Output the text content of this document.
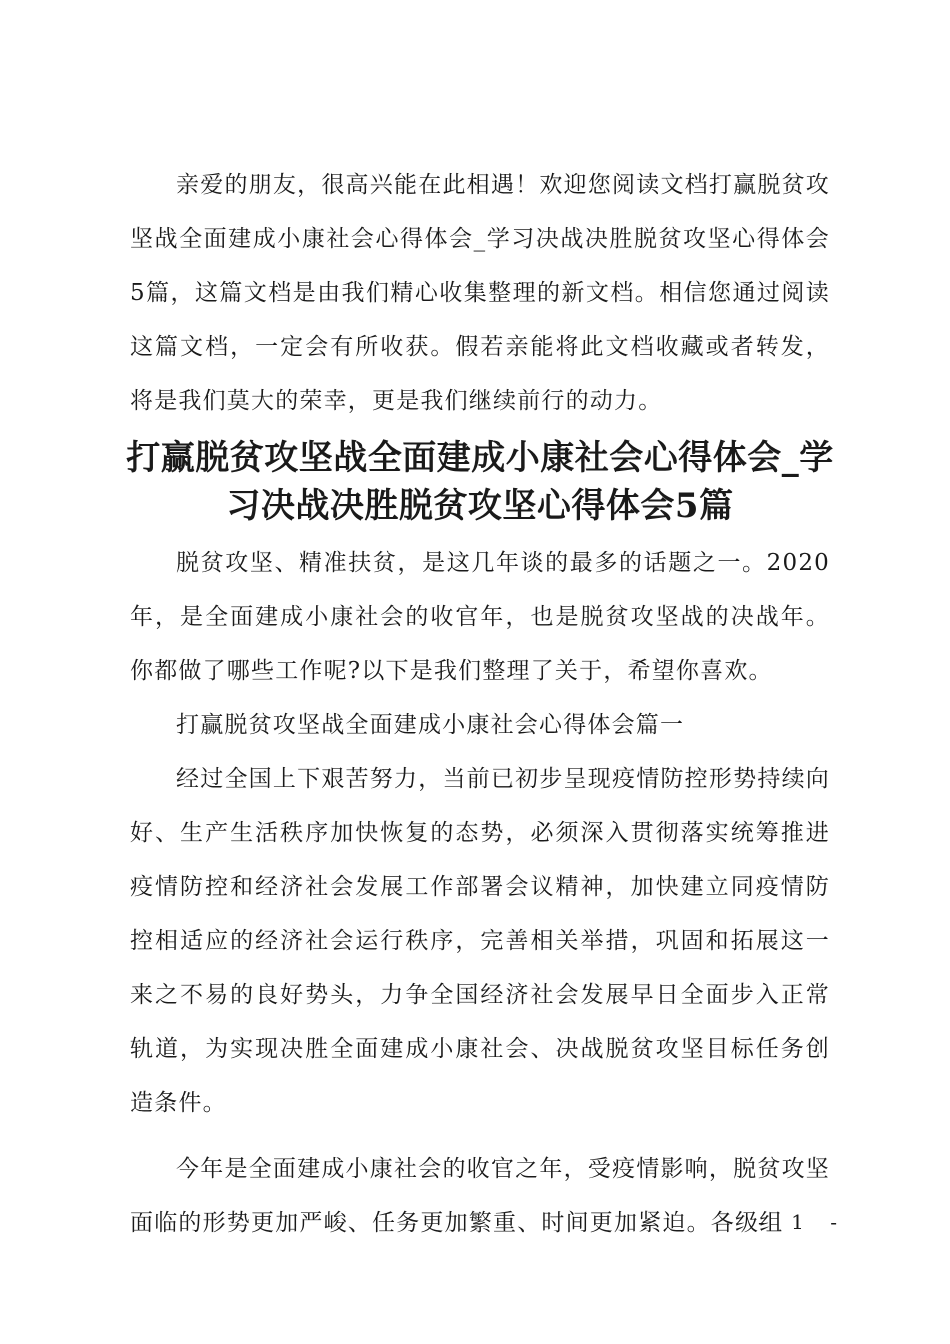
亲爱的朋友，很高兴能在此相遇！欢迎您阅读文档打赢脱贫攻坚战全面建成小康社会心得体会_学习决战决胜脱贫攻坚心得体会5篇，这篇文档是由我们精心收集整理的新文档。相信您通过阅读这篇文档，一定会有所收获。假若亲能将此文档收藏或者转发，将是我们莫大的荣幸，更是我们继续前行的动力。

打赢脱贫攻坚战全面建成小康社会心得体会_学习决战决胜脱贫攻坚心得体会5篇

脱贫攻坚、精准扶贫，是这几年谈的最多的话题之一。2020年，是全面建成小康社会的收官年，也是脱贫攻坚战的决战年。你都做了哪些工作呢?以下是我们整理了关于，希望你喜欢。

打赢脱贫攻坚战全面建成小康社会心得体会篇一

经过全国上下艰苦努力，当前已初步呈现疫情防控形势持续向好、生产生活秩序加快恢复的态势，必须深入贯彻落实统筹推进疫情防控和经济社会发展工作部署会议精神，加快建立同疫情防控相适应的经济社会运行秩序，完善相关举措，巩固和拓展这一来之不易的良好势头，力争全国经济社会发展早日全面步入正常轨道，为实现决胜全面建成小康社会、决战脱贫攻坚目标任务创造条件。

今年是全面建成小康社会的收官之年，受疫情影响，脱贫攻坚面临的形势更加严峻、任务更加繁重、时间更加紧迫。各级组

- 1 -
